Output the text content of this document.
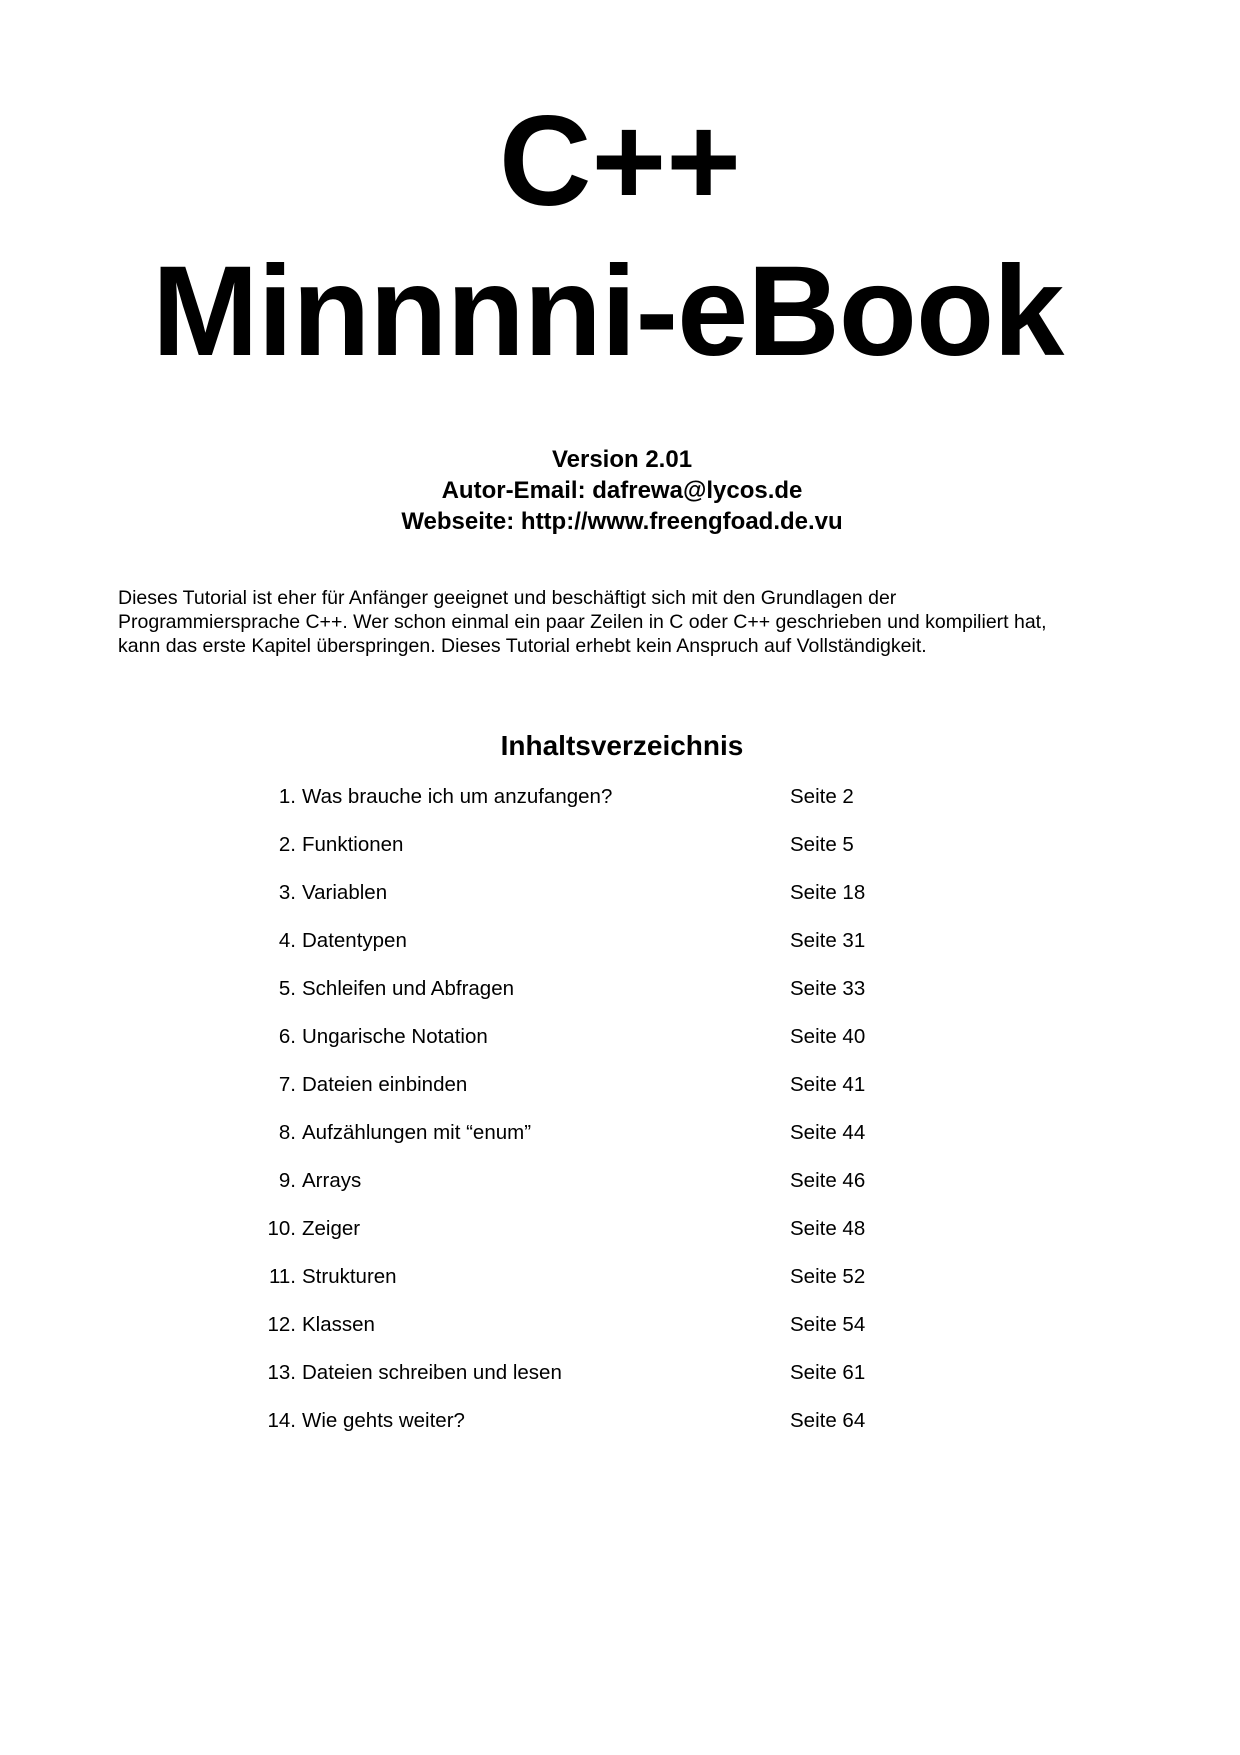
C++
Minnnni-eBook
Version 2.01
Autor-Email: dafrewa@lycos.de
Webseite: http://www.freengfoad.de.vu
Dieses Tutorial ist eher für Anfänger geeignet und beschäftigt sich mit den Grundlagen der
Programmiersprache C++. Wer schon einmal ein paar Zeilen in C oder C++ geschrieben und kompiliert hat,
kann das erste Kapitel überspringen. Dieses Tutorial erhebt kein Anspruch auf Vollständigkeit.
Inhaltsverzeichnis
1. Was brauche ich um anzufangen?	Seite 2
2. Funktionen	Seite 5
3. Variablen	Seite 18
4. Datentypen	Seite 31
5. Schleifen und Abfragen	Seite 33
6. Ungarische Notation	Seite 40
7. Dateien einbinden	Seite 41
8. Aufzählungen mit “enum”	Seite 44
9. Arrays	Seite 46
10. Zeiger	Seite 48
11. Strukturen	Seite 52
12. Klassen	Seite 54
13. Dateien schreiben und lesen	Seite 61
14. Wie gehts weiter?	Seite 64
